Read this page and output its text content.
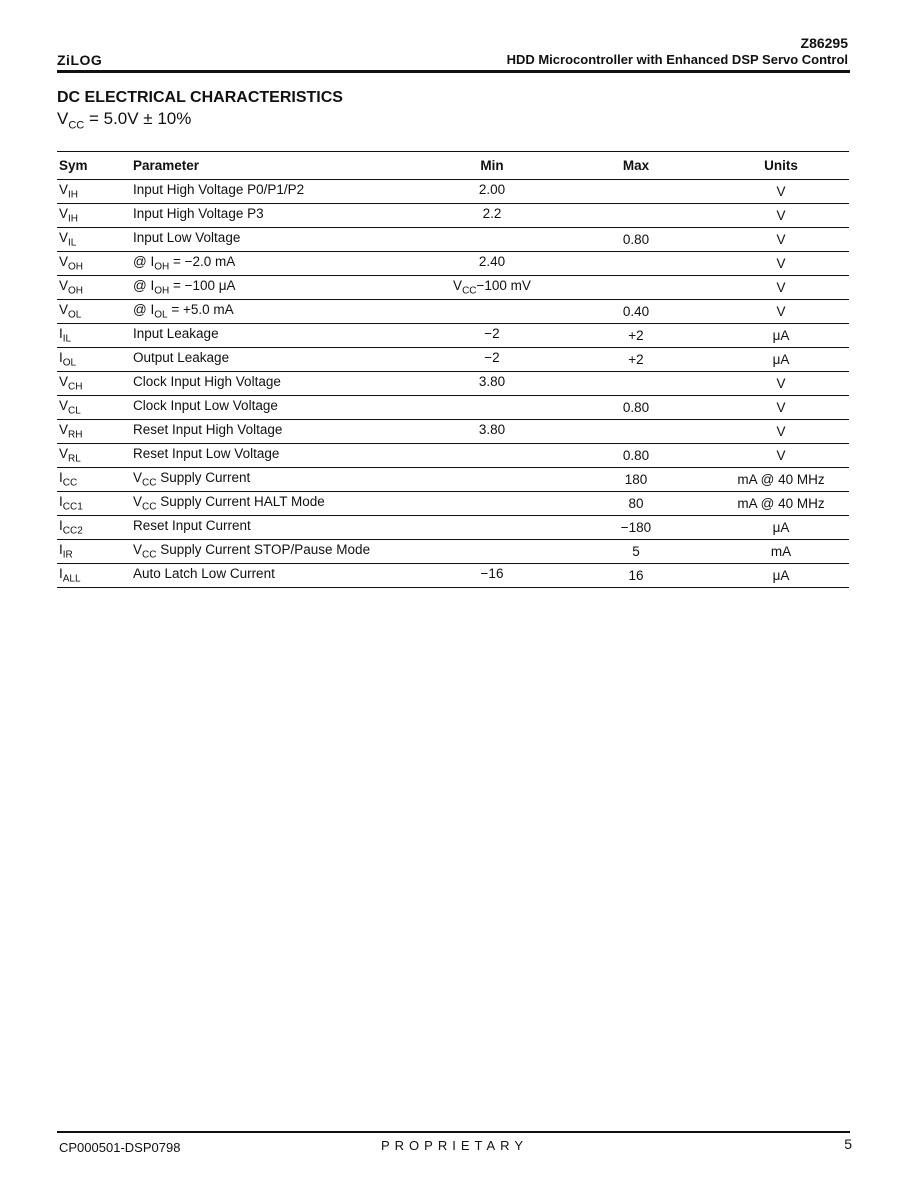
Z86295
ZiLOG	HDD Microcontroller with Enhanced DSP Servo Control
DC ELECTRICAL CHARACTERISTICS
$V_{CC} = 5.0V \pm 10\%$
Sym	Parameter	Min	Max	Units
$V_{IH}$	Input High Voltage P0/P1/P2	2.00		V
$V_{IH}$	Input High Voltage P3	2.2		V
$V_{IL}$	Input Low Voltage		0.80	V
$V_{OH}$	@ $I_{OH} = -2.0$ mA	2.40		V
$V_{OH}$	@ $I_{OH} = -100$ μA	$V_{CC}-100$ mV		V
$V_{OL}$	@ $I_{OL} = +5.0$ mA		0.40	V
$I_{IL}$	Input Leakage	−2	+2	μA
$I_{OL}$	Output Leakage	−2	+2	μA
$V_{CH}$	Clock Input High Voltage	3.80		V
$V_{CL}$	Clock Input Low Voltage		0.80	V
$V_{RH}$	Reset Input High Voltage	3.80		V
$V_{RL}$	Reset Input Low Voltage		0.80	V
$I_{CC}$	$V_{CC}$ Supply Current		180	mA @ 40 MHz
$I_{CC1}$	$V_{CC}$ Supply Current HALT Mode		80	mA @ 40 MHz
$I_{CC2}$	Reset Input Current		−180	μA
$I_{IR}$	$V_{CC}$ Supply Current STOP/Pause Mode		5	mA
$I_{ALL}$	Auto Latch Low Current	−16	16	μA
CP000501-DSP0798	PROPRIETARY	5
